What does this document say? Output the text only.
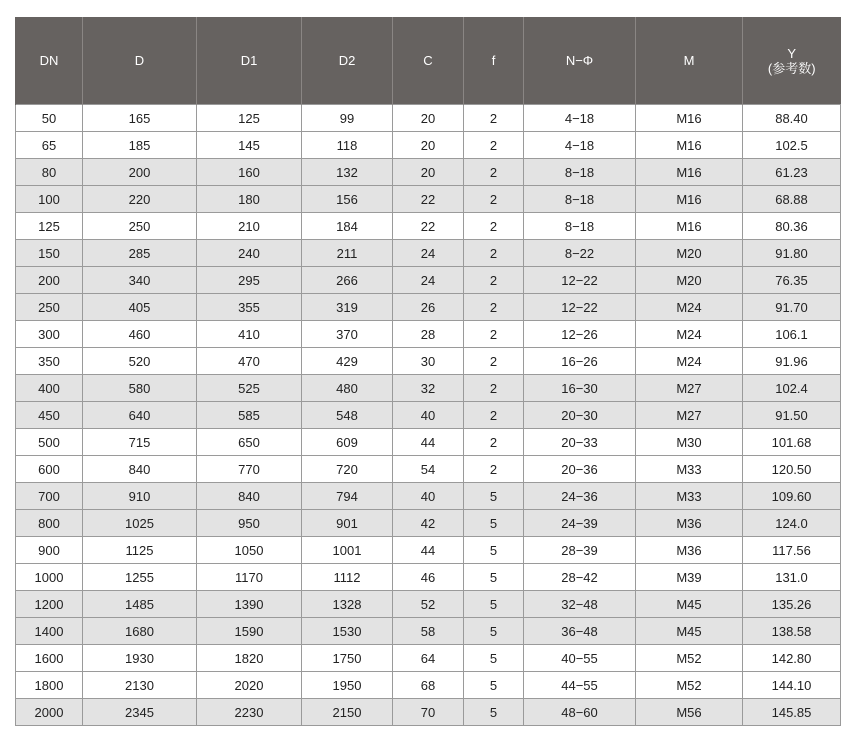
DN	D	D1	D2	C	f	N−Φ	M	Y
(参考数)
50	165	125	99	20	2	4−18	M16	88.40
65	185	145	118	20	2	4−18	M16	102.5
80	200	160	132	20	2	8−18	M16	61.23
100	220	180	156	22	2	8−18	M16	68.88
125	250	210	184	22	2	8−18	M16	80.36
150	285	240	211	24	2	8−22	M20	91.80
200	340	295	266	24	2	12−22	M20	76.35
250	405	355	319	26	2	12−22	M24	91.70
300	460	410	370	28	2	12−26	M24	106.1
350	520	470	429	30	2	16−26	M24	91.96
400	580	525	480	32	2	16−30	M27	102.4
450	640	585	548	40	2	20−30	M27	91.50
500	715	650	609	44	2	20−33	M30	101.68
600	840	770	720	54	2	20−36	M33	120.50
700	910	840	794	40	5	24−36	M33	109.60
800	1025	950	901	42	5	24−39	M36	124.0
900	1125	1050	1001	44	5	28−39	M36	117.56
1000	1255	1170	1112	46	5	28−42	M39	131.0
1200	1485	1390	1328	52	5	32−48	M45	135.26
1400	1680	1590	1530	58	5	36−48	M45	138.58
1600	1930	1820	1750	64	5	40−55	M52	142.80
1800	2130	2020	1950	68	5	44−55	M52	144.10
2000	2345	2230	2150	70	5	48−60	M56	145.85
